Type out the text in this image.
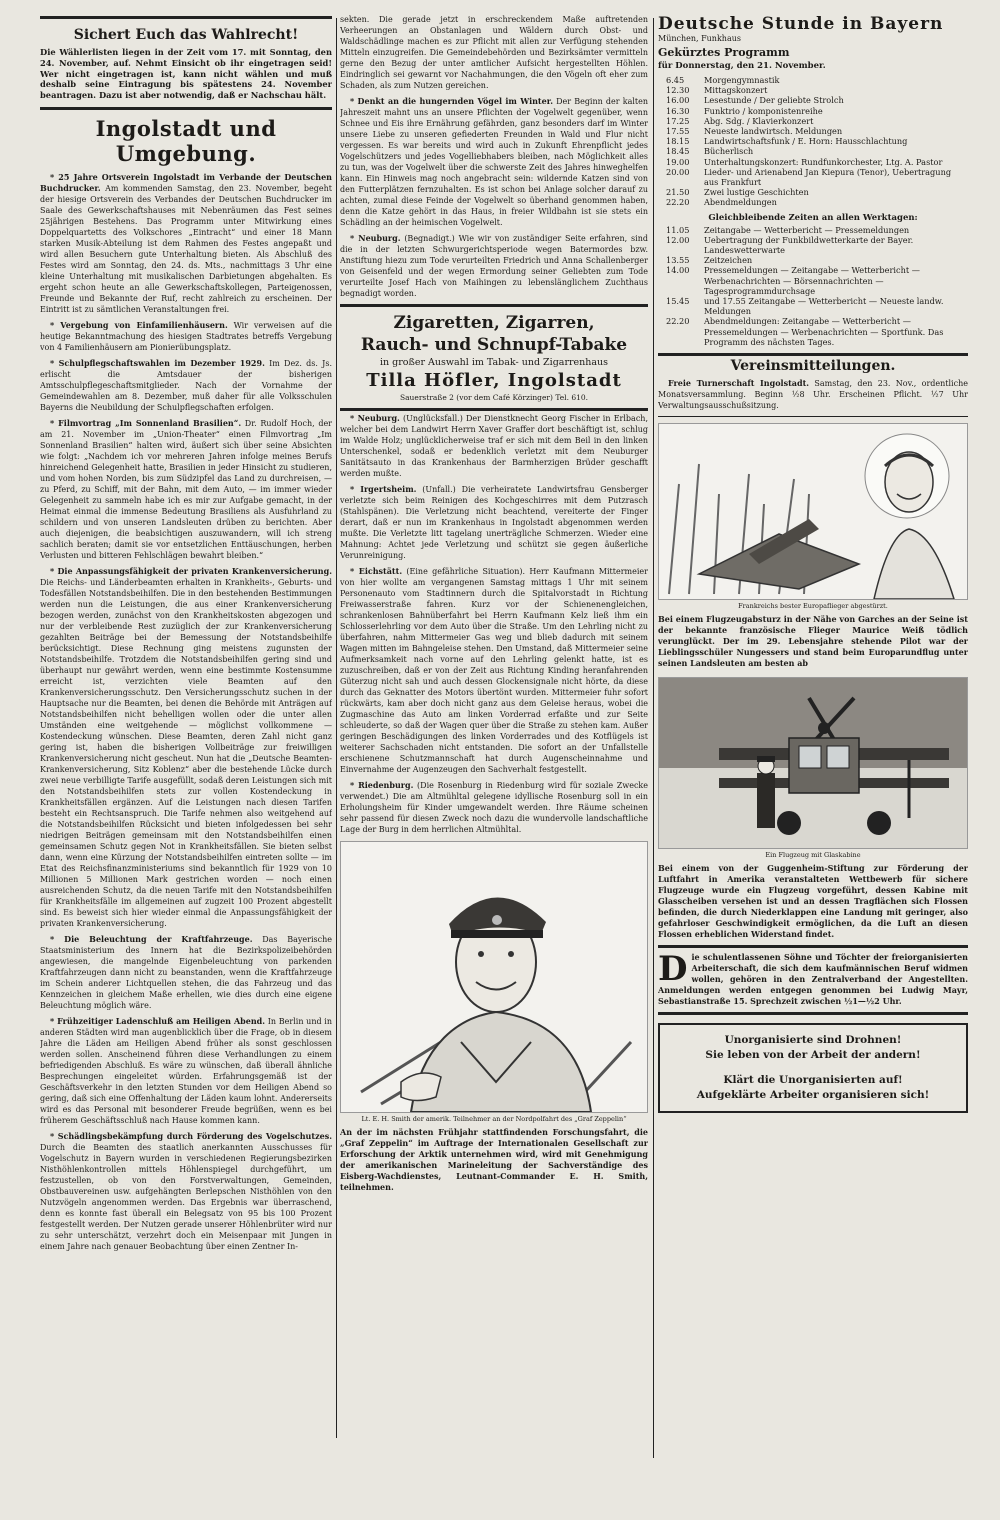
Sichert Euch das Wahlrecht!

Die Wählerlisten liegen in der Zeit vom 17. mit Sonntag, den 24. November, auf. Nehmt Einsicht ob ihr eingetragen seid! Wer nicht eingetragen ist, kann nicht wählen und muß deshalb seine Eintragung bis spätestens 24. November beantragen. Dazu ist aber notwendig, daß er Nachschau hält.

Ingolstadt und Umgebung.

* 25 Jahre Ortsverein Ingolstadt im Verbande der Deutschen Buchdrucker. Am kommenden Samstag, den 23. November, begeht der hiesige Ortsverein des Verbandes der Deutschen Buchdrucker im Saale des Gewerkschaftshauses mit Nebenräumen das Fest seines 25jährigen Bestehens. Das Programm unter Mitwirkung eines Doppelquartetts des Volkschores „Eintracht“ und einer 18 Mann starken Musik-Abteilung ist dem Rahmen des Festes angepaßt und wird allen Besuchern gute Unterhaltung bieten. Als Abschluß des Festes wird am Sonntag, den 24. ds. Mts., nachmittags 3 Uhr eine kleine Unterhaltung mit musikalischen Darbietungen abgehalten. Es ergeht schon heute an alle Gewerkschaftskollegen, Parteigenossen, Freunde und Bekannte der Ruf, recht zahlreich zu erscheinen. Der Eintritt ist zu sämtlichen Veranstaltungen frei.

* Vergebung von Einfamilienhäusern. Wir verweisen auf die heutige Bekanntmachung des hiesigen Stadtrates betreffs Vergebung von 4 Familienhäusern am Pionierübungsplatz.

* Schulpflegschaftswahlen im Dezember 1929. Im Dez. ds. Js. erlischt die Amtsdauer der bisherigen Amtsschulpflegeschaftsmitglieder. Nach der Vornahme der Gemeindewahlen am 8. Dezember, muß daher für alle Volksschulen Bayerns die Neubildung der Schulpflegschaften erfolgen.

* Filmvortrag „Im Sonnenland Brasilien“. Dr. Rudolf Hoch, der am 21. November im „Union-Theater“ einen Filmvortrag „Im Sonnenland Brasilien“ halten wird, äußert sich über seine Absichten wie folgt: „Nachdem ich vor mehreren Jahren infolge meines Berufs hinreichend Gelegenheit hatte, Brasilien in jeder Hinsicht zu studieren, und vom hohen Norden, bis zum Südzipfel das Land zu durchreisen, — zu Pferd, zu Schiff, mit der Bahn, mit dem Auto, — im immer wieder Gelegenheit zu sammeln habe ich es mir zur Aufgabe gemacht, in der Heimat einmal die immense Bedeutung Brasiliens als Ausfuhrland zu schildern und von unseren Landsleuten drüben zu berichten. Aber auch diejenigen, die beabsichtigen auszuwandern, will ich streng sachlich beraten; damit sie vor entsetzlichen Enttäuschungen, herben Verlusten und bitteren Fehlschlägen bewahrt bleiben.“

* Die Anpassungsfähigkeit der privaten Krankenversicherung. Die Reichs- und Länderbeamten erhalten in Krankheits-, Geburts- und Todesfällen Notstandsbeihilfen. Die in den bestehenden Bestimmungen werden nun die Leistungen, die aus einer Krankenversicherung bezogen werden, zunächst von den Krankheitskosten abgezogen und nur der verbleibende Rest zuzüglich der zur Krankenversicherung gezahlten Beiträge bei der Bemessung der Notstandsbeihilfe berücksichtigt. Diese Rechnung ging meistens zugunsten der Notstandsbeihilfe. Trotzdem die Notstandsbeihilfen gering sind und überhaupt nur gewährt werden, wenn eine bestimmte Kostensumme erreicht ist, verzichten viele Beamten auf den Krankenversicherungsschutz. Den Versicherungsschutz suchen in der Hauptsache nur die Beamten, bei denen die Behörde mit Anträgen auf Notstandsbeihilfen nicht behelligen wollen oder die unter allen Umständen eine weitgehende — möglichst vollkommene — Kostendeckung wünschen. Diese Beamten, deren Zahl nicht ganz gering ist, haben die bisherigen Vollbeiträge zur freiwilligen Krankenversicherung nicht gescheut. Nun hat die „Deutsche Beamten-Krankenversicherung, Sitz Koblenz“ aber die bestehende Lücke durch zwei neue verbilligte Tarife ausgefüllt, sodaß deren Leistungen sich mit den Notstandsbeihilfen stets zur vollen Kostendeckung in Krankheitsfällen ergänzen. Auf die Leistungen nach diesen Tarifen besteht ein Rechtsanspruch. Die Tarife nehmen also weitgehend auf die Notstandsbeihilfen Rücksicht und bieten infolgedessen bei sehr niedrigen Beiträgen gemeinsam mit den Notstandsbeihilfen einen gemeinsamen Schutz gegen Not in Krankheitsfällen. Sie bieten selbst dann, wenn eine Kürzung der Notstandsbeihilfen eintreten sollte — im Etat des Reichsfinanzministeriums sind bekanntlich für 1929 von 10 Millionen 5 Millionen Mark gestrichen worden — noch einen ausreichenden Schutz, da die neuen Tarife mit den Notstandsbeihilfen für Krankheitsfälle im allgemeinen auf zugzeit 100 Prozent abgestellt sind. Es beweist sich hier wieder einmal die Anpassungsfähigkeit der privaten Krankenversicherung.

* Die Beleuchtung der Kraftfahrzeuge. Das Bayerische Staatsministerium des Innern hat die Bezirkspolizeibehörden angewiesen, die mangelnde Eigenbeleuchtung von parkenden Kraftfahrzeugen dann nicht zu beanstanden, wenn die Kraftfahrzeuge im Schein anderer Lichtquellen stehen, die das Fahrzeug und das Kennzeichen in gleichem Maße erhellen, wie dies durch eine eigene Beleuchtung möglich wäre.

* Frühzeitiger Ladenschluß am Heiligen Abend. In Berlin und in anderen Städten wird man augenblicklich über die Frage, ob in diesem Jahre die Läden am Heiligen Abend früher als sonst geschlossen werden sollen. Anscheinend führen diese Verhandlungen zu einem befriedigenden Abschluß. Es wäre zu wünschen, daß überall ähnliche Besprechungen eingeleitet würden. Erfahrungsgemäß ist der Geschäftsverkehr in den letzten Stunden vor dem Heiligen Abend so gering, daß sich eine Offenhaltung der Läden kaum lohnt. Andererseits wird es das Personal mit besonderer Freude begrüßen, wenn es bei früherem Geschäftsschluß nach Hause kommen kann.

* Schädlingsbekämpfung durch Förderung des Vogelschutzes. Durch die Beamten des staatlich anerkannten Ausschusses für Vogelschutz in Bayern wurden in verschiedenen Regierungsbezirken Nisthöhlenkontrollen mittels Höhlenspiegel durchgeführt, um festzustellen, ob von den Forstverwaltungen, Gemeinden, Obstbauvereinen usw. aufgehängten Berlepschen Nisthöhlen von den Nutzvögeln angenommen werden. Das Ergebnis war überraschend, denn es konnte fast überall ein Belegsatz von 95 bis 100 Prozent festgestellt werden. Der Nutzen gerade unserer Höhlenbrüter wird nur zu sehr unterschätzt, verzehrt doch ein Meisenpaar mit Jungen in einem Jahre nach genauer Beobachtung über einen Zentner In-

sekten. Die gerade jetzt in erschreckendem Maße auftretenden Verheerungen an Obstanlagen und Wäldern durch Obst- und Waldschädlinge machen es zur Pflicht mit allen zur Verfügung stehenden Mitteln einzugreifen. Die Gemeindebehörden und Bezirksämter vermitteln gerne den Bezug der unter amtlicher Aufsicht hergestellten Höhlen. Eindringlich sei gewarnt vor Nachahmungen, die den Vögeln oft eher zum Schaden, als zum Nutzen gereichen.

* Denkt an die hungernden Vögel im Winter. Der Beginn der kalten Jahreszeit mahnt uns an unsere Pflichten der Vogelwelt gegenüber, wenn Schnee und Eis ihre Ernährung gefährden, ganz besonders darf im Winter unsere Liebe zu unseren gefiederten Freunden in Wald und Flur nicht vergessen. Es war bereits und wird auch in Zukunft Ehrenpflicht jedes Vogelschützers und jedes Vogelliebhabers bleiben, nach Möglichkeit alles zu tun, was der Vogelwelt über die schwerste Zeit des Jahres hinweghelfen kann. Ein Hinweis mag noch angebracht sein: wildernde Katzen sind von den Futterplätzen fernzuhalten. Es ist schon bei Anlage solcher darauf zu achten, zumal diese Feinde der Vogelwelt so überhand genommen haben, denn die Katze gehört in das Haus, in freier Wildbahn ist sie stets ein Schädling an der heimischen Vogelwelt.

* Neuburg. (Begnadigt.) Wie wir von zuständiger Seite erfahren, sind die in der letzten Schwurgerichtsperiode wegen Batermordes bzw. Anstiftung hiezu zum Tode verurteilten Friedrich und Anna Schallenberger von Geisenfeld und der wegen Ermordung seiner Geliebten zum Tode verurteilte Josef Hach von Maihingen zu lebenslänglichem Zuchthaus begnadigt worden.

Zigaretten, Zigarren,
Rauch- und Schnupf-Tabake
in großer Auswahl im Tabak- und Zigarrenhaus
Tilla Höfler, Ingolstadt
Sauerstraße 2 (vor dem Café Körzinger) Tel. 610.

* Neuburg. (Unglücksfall.) Der Dienstknecht Georg Fischer in Erlbach, welcher bei dem Landwirt Herrn Xaver Graffer dort beschäftigt ist, schlug im Walde Holz; unglücklicherweise traf er sich mit dem Beil in den linken Unterschenkel, sodaß er bedenklich verletzt mit dem Neuburger Sanitätsauto in das Krankenhaus der Barmherzigen Brüder geschafft werden mußte.

* Irgertsheim. (Unfall.) Die verheiratete Landwirtsfrau Gensberger verletzte sich beim Reinigen des Kochgeschirres mit dem Putzrasch (Stahlspänen). Die Verletzung nicht beachtend, vereiterte der Finger derart, daß er nun im Krankenhaus in Ingolstadt abgenommen werden mußte. Die Verletzte litt tagelang unerträgliche Schmerzen. Wieder eine Mahnung: Achtet jede Verletzung und schützt sie gegen äußerliche Verunreinigung.

* Eichstätt. (Eine gefährliche Situation). Herr Kaufmann Mittermeier von hier wollte am vergangenen Samstag mittags 1 Uhr mit seinem Personenauto vom Stadtinnern durch die Spitalvorstadt in Richtung Freiwasserstraße fahren. Kurz vor der Schienenengleichen, schrankenlosen Bahnüberfahrt bei Herrn Kaufmann Kelz ließ ihm ein Schlosserlehrling vor dem Auto über die Straße. Um den Lehrling nicht zu überfahren, nahm Mittermeier Gas weg und blieb dadurch mit seinem Wagen mitten im Bahngeleise stehen. Den Umstand, daß Mittermeier seine Aufmerksamkeit nach vorne auf den Lehrling gelenkt hatte, ist es zuzuschreiben, daß er von der Zeit aus Richtung Kinding heranfahrenden Güterzug nicht sah und auch dessen Glockensignale nicht hörte, da diese durch das Geknatter des Motors übertönt wurden. Mittermeier fuhr sofort rückwärts, kam aber doch nicht ganz aus dem Geleise heraus, wobei die Zugmaschine das Auto am linken Vorderrad erfaßte und zur Seite schleuderte, so daß der Wagen quer über die Straße zu stehen kam. Außer geringen Beschädigungen des linken Vorderrades und des Kotflügels ist weiterer Sachschaden nicht entstanden. Die sofort an der Unfallstelle erschienene Schutzmannschaft hat durch Augenscheinnahme und Einvernahme der Augenzeugen den Sachverhalt festgestellt.

* Riedenburg. (Die Rosenburg in Riedenburg wird für soziale Zwecke verwendet.) Die am Altmühltal gelegene idyllische Rosenburg soll in ein Erholungsheim für Kinder umgewandelt werden. Ihre Räume scheinen sehr passend für diesen Zweck noch dazu die wundervolle landschaftliche Lage der Burg in dem herrlichen Altmühltal.

Lt. E. H. Smith der amerik. Teilnehmer an der Nordpolfahrt des „Graf Zeppelin“

An der im nächsten Frühjahr stattfindenden Forschungsfahrt, die „Graf Zeppelin“ im Auftrage der Internationalen Gesellschaft zur Erforschung der Arktik unternehmen wird, wird mit Genehmigung der amerikanischen Marineleitung der Sachverständige des Eisberg-Wachdienstes, Leutnant-Commander E. H. Smith, teilnehmen.

Deutsche Stunde in Bayern
München, Funkhaus
Gekürztes Programm
für Donnerstag, den 21. November.
6.45	Morgengymnastik
12.30	Mittagskonzert
16.00	Lesestunde / Der geliebte Strolch
16.30	Funktrio / komponistenreihe
17.25	Abg. Sdg. / Klavierkonzert
17.55	Neueste landwirtsch. Meldungen
18.15	Landwirtschaftsfunk / E. Horn: Hausschlachtung
18.45	Bücherlisch
19.00	Unterhaltungskonzert: Rundfunkorchester, Ltg. A. Pastor
20.00	Lieder- und Arienabend Jan Kiepura (Tenor), Uebertragung aus Frankfurt
21.50	Zwei lustige Geschichten
22.20	Abendmeldungen
Gleichbleibende Zeiten an allen Werktagen:
11.05	Zeitangabe — Wetterbericht — Pressemeldungen
12.00	Uebertragung der Funkbildwetterkarte der Bayer. Landeswetterwarte
13.55	Zeitzeichen
14.00	Pressemeldungen — Zeitangabe — Wetterbericht — Werbenachrichten — Börsennachrichten — Tagesprogrammdurchsage
15.45	und 17.55 Zeitangabe — Wetterbericht — Neueste landw. Meldungen
22.20	Abendmeldungen: Zeitangabe — Wetterbericht — Pressemeldungen — Werbenachrichten — Sportfunk. Das Programm des nächsten Tages.
Vereinsmitteilungen.

Freie Turnerschaft Ingolstadt. Samstag, den 23. Nov., ordentliche Monatsversammlung. Beginn ½8 Uhr. Erscheinen Pflicht. ½7 Uhr Verwaltungsausschußsitzung.

Frankreichs bester Europaflieger abgestürzt.

Bei einem Flugzeugabsturz in der Nähe von Garches an der Seine ist der bekannte französische Flieger Maurice Weiß tödlich verunglückt. Der im 29. Lebensjahre stehende Pilot war der Lieblingsschüler Nungessers und stand beim Europarundflug unter seinen Landsleuten am besten ab

Ein Flugzeug mit Glaskabine

Bei einem von der Guggenheim-Stiftung zur Förderung der Luftfahrt in Amerika veranstalteten Wettbewerb für sichere Flugzeuge wurde ein Flugzeug vorgeführt, dessen Kabine mit Glasscheiben versehen ist und an dessen Tragflächen sich Flossen befinden, die durch Niederklappen eine Landung mit geringer, also gefahrloser Geschwindigkeit ermöglichen, da die Luft an diesen Flossen erheblichen Widerstand findet.

D ie schulentlassenen Söhne und Töchter der freiorganisierten Arbeiterschaft, die sich dem kaufmännischen Beruf widmen wollen, gehören in den Zentralverband der Angestellten. Anmeldungen werden entgegen genommen bei Ludwig Mayr, Sebastianstraße 15. Sprechzeit zwischen ½1—½2 Uhr.

Unorganisierte sind Drohnen!

Sie leben von der Arbeit der andern!

Klärt die Unorganisierten auf!

Aufgeklärte Arbeiter organisieren sich!
